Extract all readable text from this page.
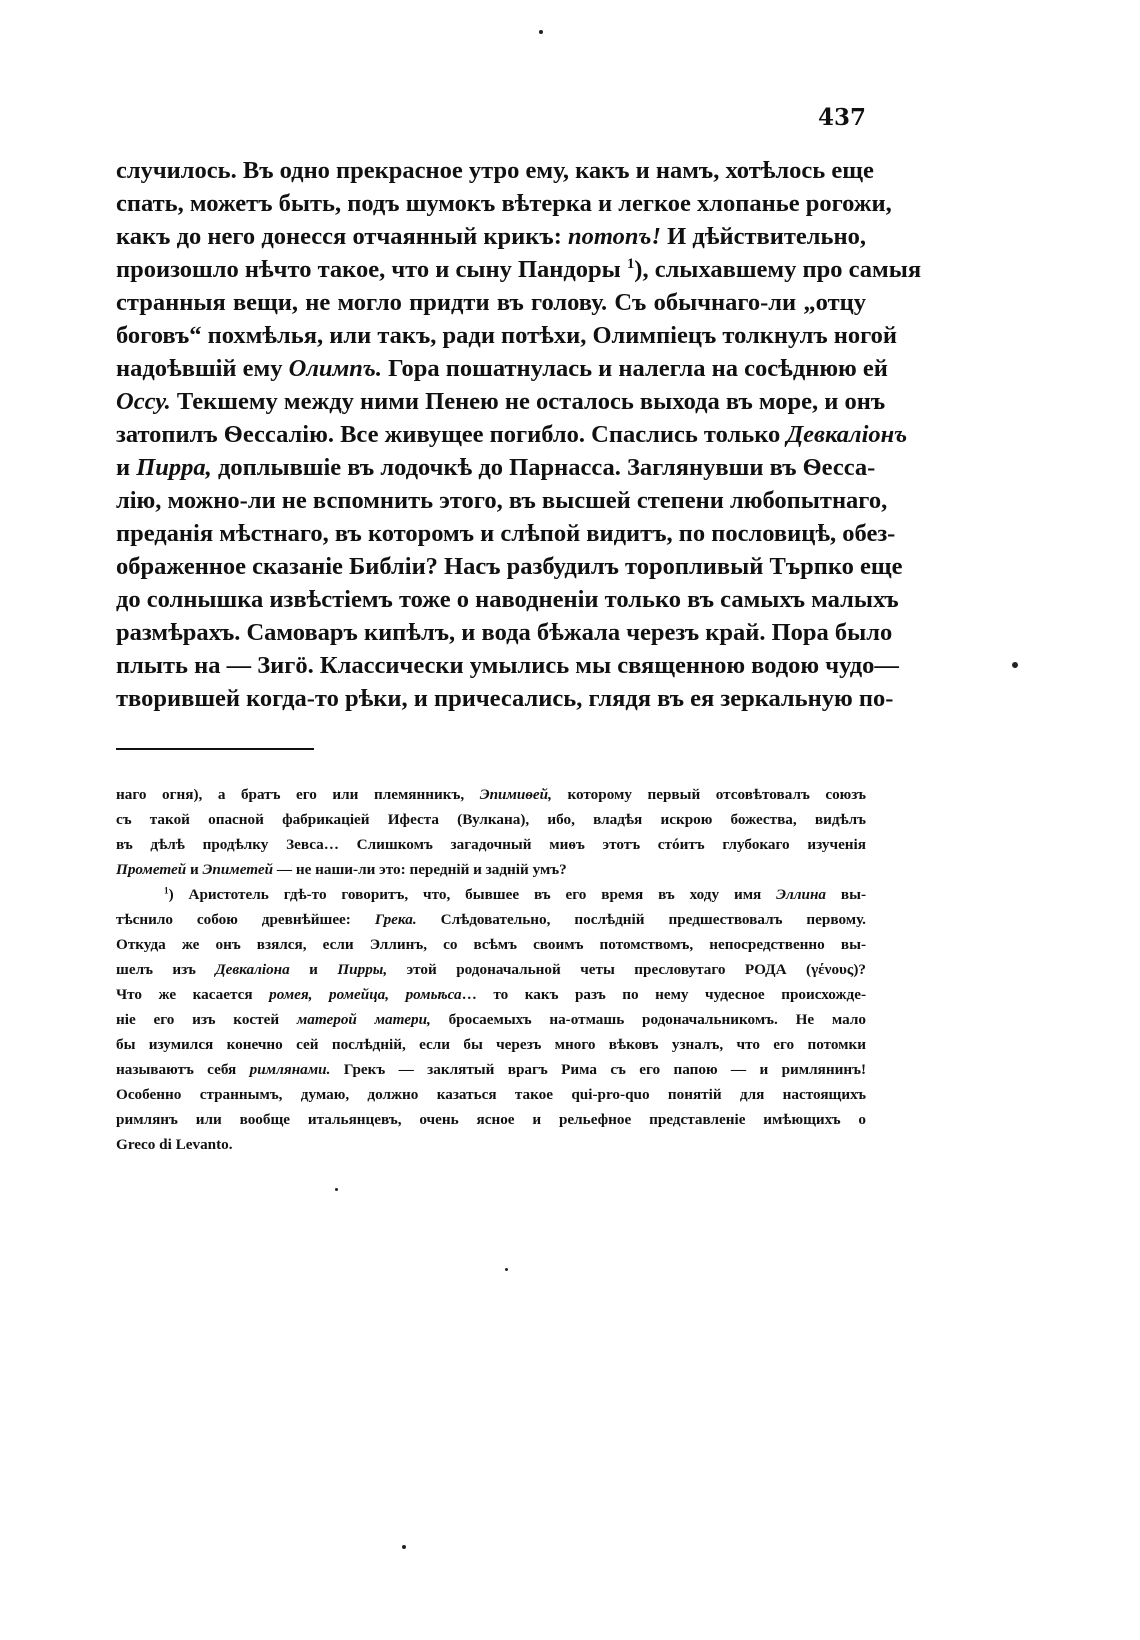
437
случилось. Въ одно прекрасное утро ему, какъ и намъ, хотѣлось еще
спать, можетъ быть, подъ шумокъ вѣтерка и легкое хлопанье рогожи,
какъ до него донесся отчаянный крикъ: потопъ! И дѣйствительно,
произошло нѣчто такое, что и сыну Пандоры $^1$), слыхавшему про самыя
странныя вещи, не могло придти въ голову. Съ обычнаго-ли „отцу
боговъ“ похмѣлья, или такъ, ради потѣхи, Олимпіецъ толкнулъ ногой
надоѣвшій ему Олимпъ. Гора пошатнулась и налегла на сосѣднюю ей
Оссу. Текшему между ними Пенею не осталось выхода въ море, и онъ
затопилъ Ѳессалію. Все живущее погибло. Спаслись только Девкаліонъ
и Пирра, доплывшіе въ лодочкѣ до Парнасса. Заглянувши въ Ѳесса-
лію, можно-ли не вспомнить этого, въ высшей степени любопытнаго,
преданія мѣстнаго, въ которомъ и слѣпой видитъ, по пословицѣ, обез-
ображенное сказаніе Библіи? Насъ разбудилъ торопливый Търпко еще
до солнышка извѣстіемъ тоже о наводненіи только въ самыхъ малыхъ
размѣрахъ. Самоваръ кипѣлъ, и вода бѣжала черезъ край. Пора было
плыть на — Зигö. Классически умылись мы священною водою чудо—
творившей когда-то рѣки, и причесались, глядя въ ея зеркальную по-
наго огня), а братъ его или племянникъ, Эпимиѳей, которому первый отсовѣтовалъ союзъ
съ такой опасной фабрикаціей Ифеста (Вулкана), ибо, владѣя искрою божества, видѣлъ
въ дѣлѣ продѣлку Зевса… Слишкомъ загадочный миѳъ этотъ стóитъ глубокаго изученія
Прометей и Эпиметей — не наши-ли это: передній и задній умъ?
$^1$) Аристотель гдѣ-то говоритъ, что, бывшее въ его время въ ходу имя Эллина вы-
тѣснило собою древнѣйшее: Грека. Слѣдовательно, послѣдній предшествовалъ первому.
Откуда же онъ взялся, если Эллинъ, со всѣмъ своимъ потомствомъ, непосредственно вы-
шелъ изъ Девкаліона и Пирры, этой родоначальной четы пресловутаго РОДА (γένους)?
Что же касается ромея, ромейца, ромьѣса… то какъ разъ по нему чудесное происхожде-
ніе его изъ костей матерой матери, бросаемыхъ на-отмашь родоначальникомъ. Не мало
бы изумился конечно сей послѣдній, если бы черезъ много вѣковъ узналъ, что его потомки
называютъ себя римлянами. Грекъ — заклятый врагъ Рима съ его папою — и римлянинъ!
Особенно страннымъ, думаю, должно казаться такое qui-pro-quo понятій для настоящихъ
римлянъ или вообще итальянцевъ, очень ясное и рельефное представленіе имѣющихъ о
Greco di Levanto.
